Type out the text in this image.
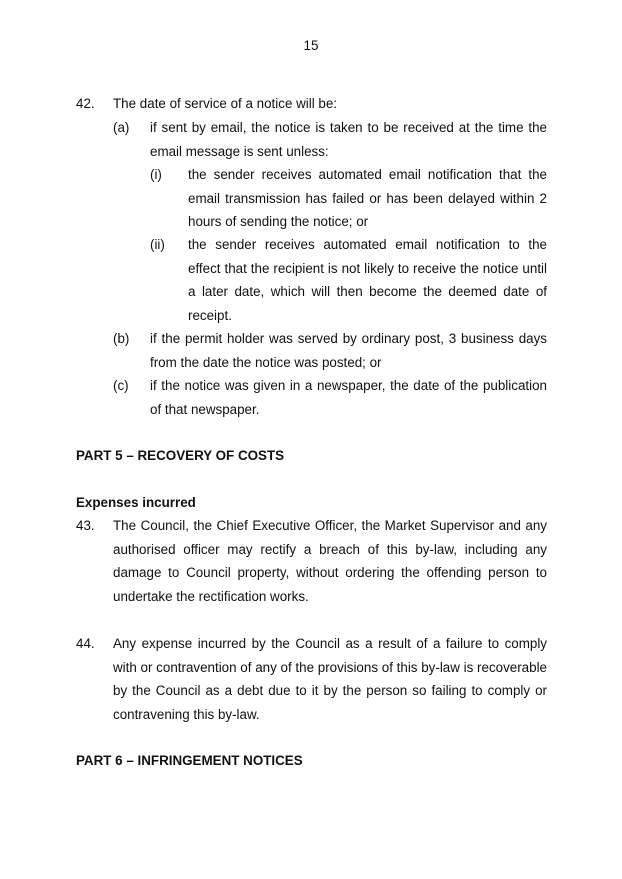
15
42. The date of service of a notice will be:
(a) if sent by email, the notice is taken to be received at the time the email message is sent unless:
(i) the sender receives automated email notification that the email transmission has failed or has been delayed within 2 hours of sending the notice; or
(ii) the sender receives automated email notification to the effect that the recipient is not likely to receive the notice until a later date, which will then become the deemed date of receipt.
(b) if the permit holder was served by ordinary post, 3 business days from the date the notice was posted; or
(c) if the notice was given in a newspaper, the date of the publication of that newspaper.
PART 5 – RECOVERY OF COSTS
Expenses incurred
43. The Council, the Chief Executive Officer, the Market Supervisor and any authorised officer may rectify a breach of this by-law, including any damage to Council property, without ordering the offending person to undertake the rectification works.
44. Any expense incurred by the Council as a result of a failure to comply with or contravention of any of the provisions of this by-law is recoverable by the Council as a debt due to it by the person so failing to comply or contravening this by-law.
PART 6 – INFRINGEMENT NOTICES
